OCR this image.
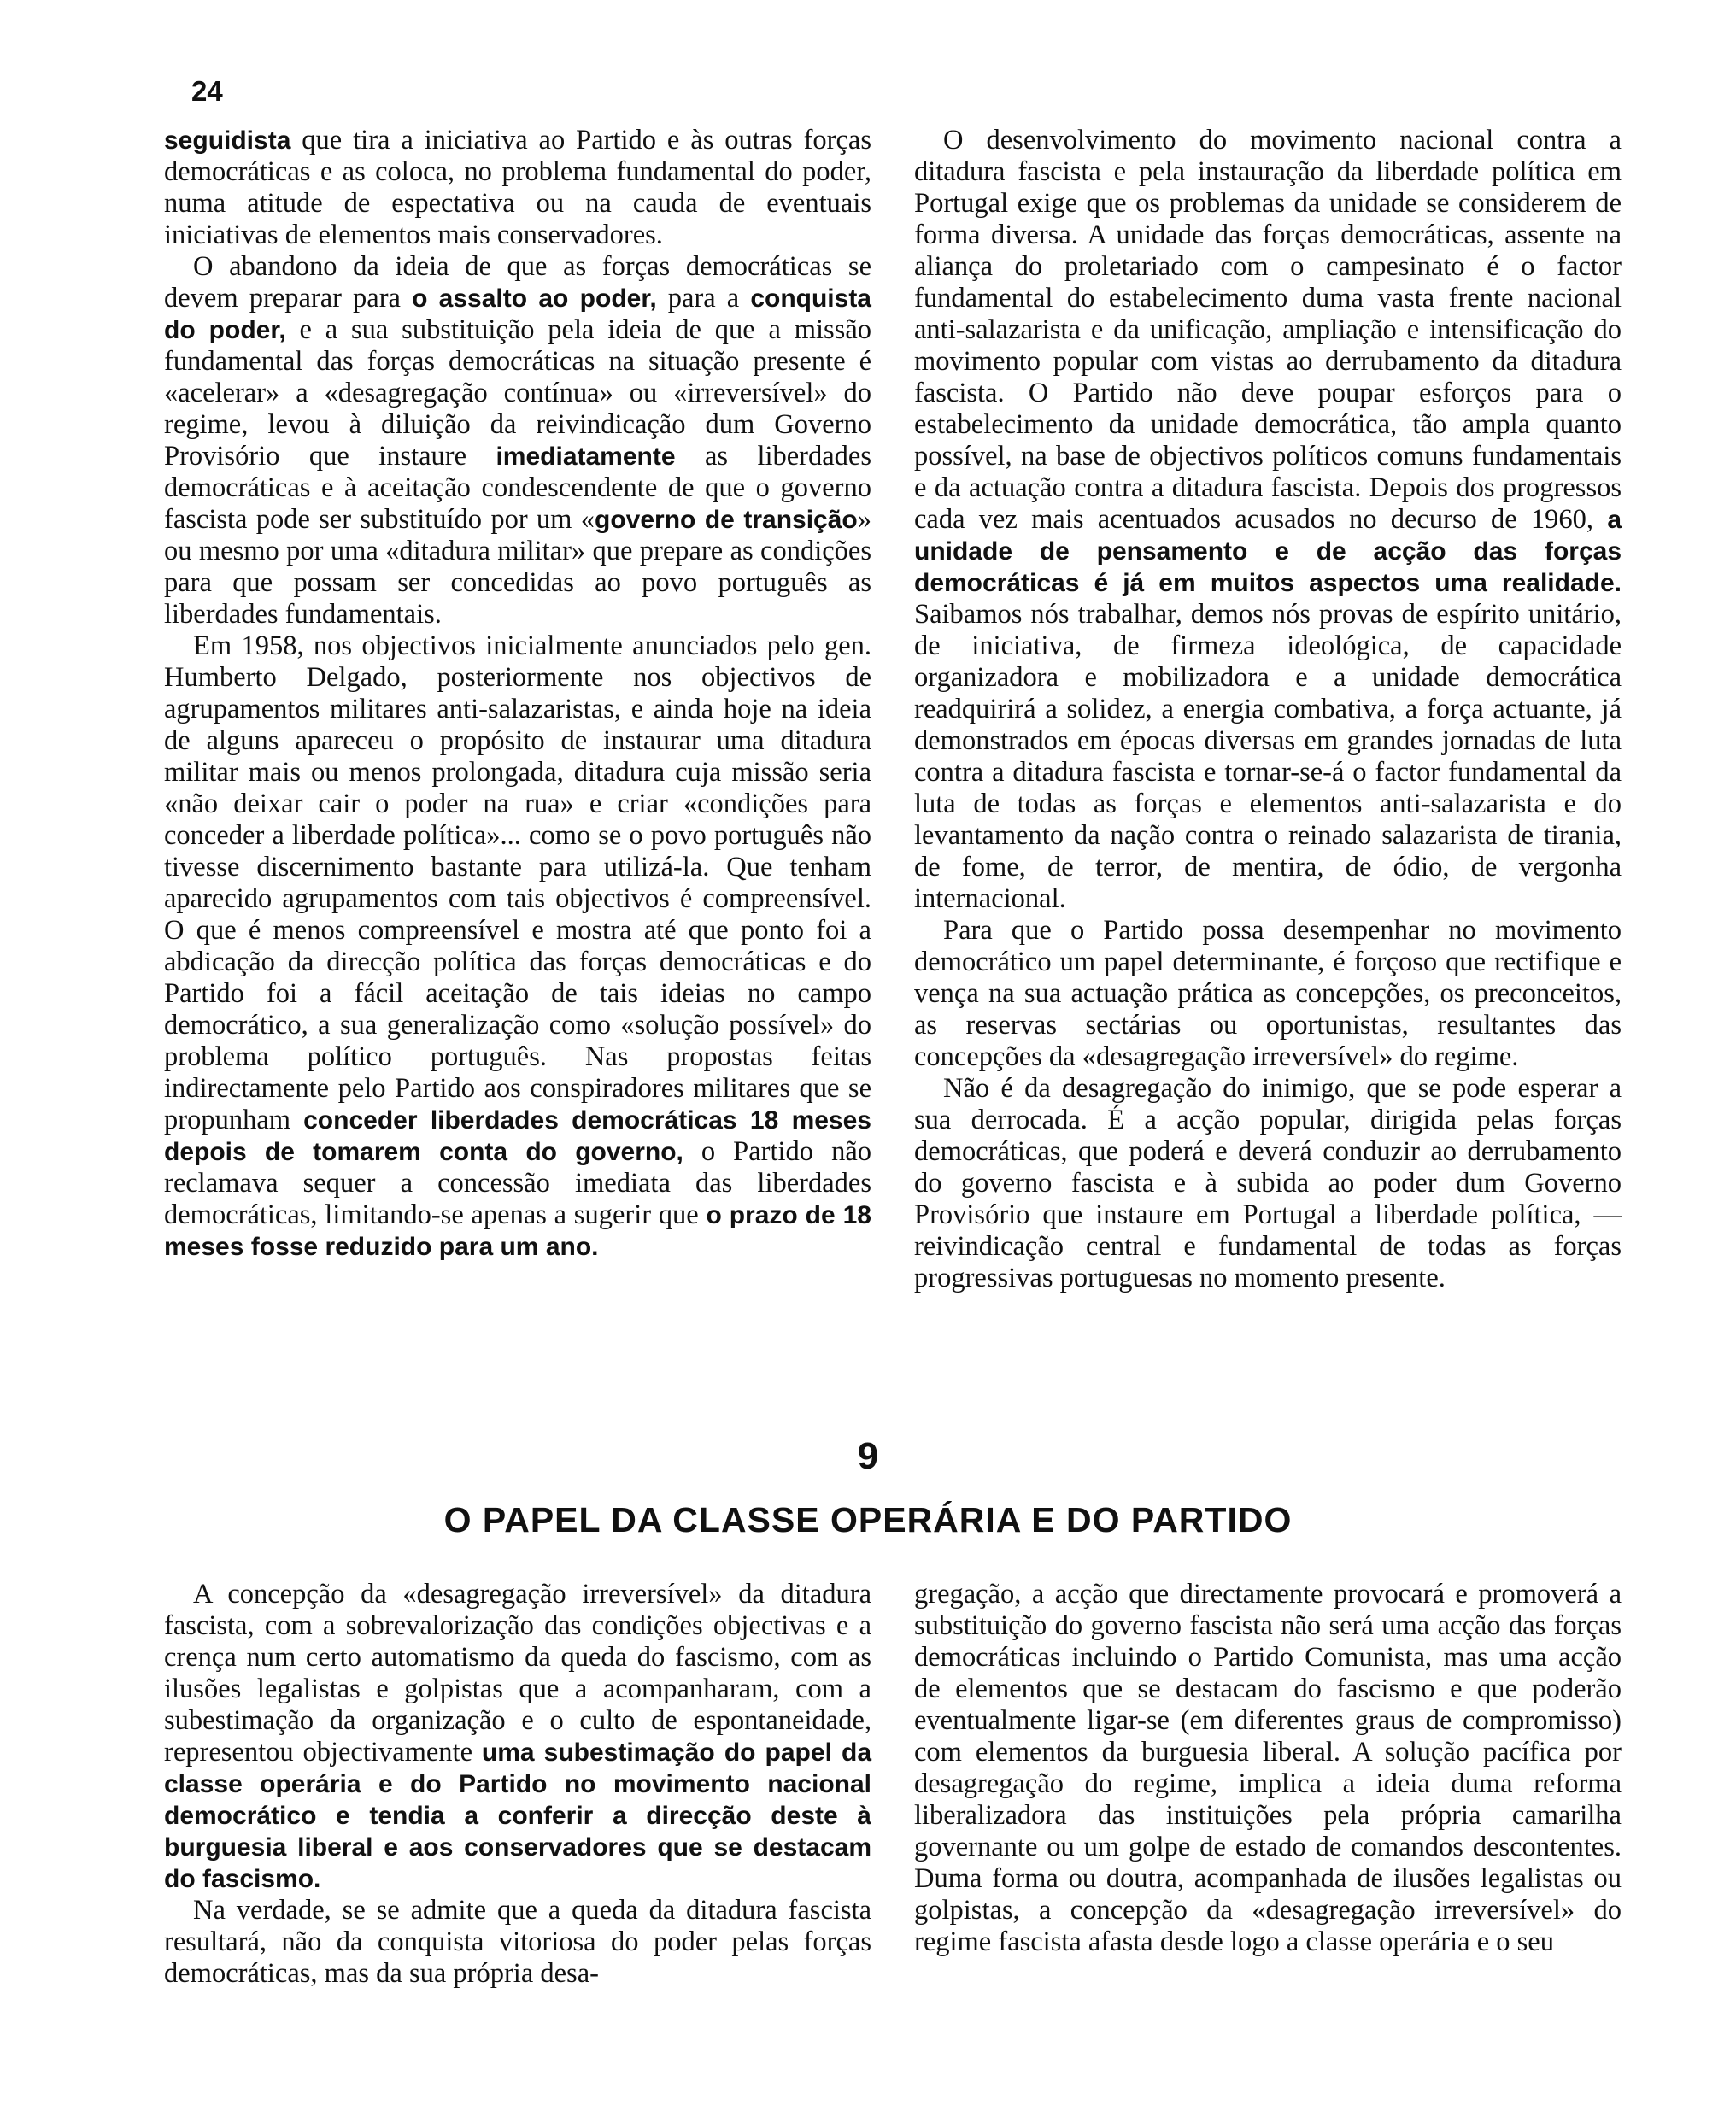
24

seguidista que tira a iniciativa ao Partido e às outras forças democráticas e as coloca, no problema fundamental do poder, numa atitude de espectativa ou na cauda de eventuais iniciativas de elementos mais conservadores.

O abandono da ideia de que as forças democráticas se devem preparar para o assalto ao poder, para a conquista do poder, e a sua substituição pela ideia de que a missão fundamental das forças democráticas na situação presente é «acelerar» a «desagregação contínua» ou «irreversível» do regime, levou à diluição da reivindicação dum Governo Provisório que instaure imediatamente as liberdades democráticas e à aceitação condescendente de que o governo fascista pode ser substituído por um «governo de transição» ou mesmo por uma «ditadura militar» que prepare as condições para que possam ser concedidas ao povo português as liberdades fundamentais.

Em 1958, nos objectivos inicialmente anunciados pelo gen. Humberto Delgado, posteriormente nos objectivos de agrupamentos militares anti-salazaristas, e ainda hoje na ideia de alguns apareceu o propósito de instaurar uma ditadura militar mais ou menos prolongada, ditadura cuja missão seria «não deixar cair o poder na rua» e criar «condições para conceder a liberdade política»... como se o povo português não tivesse discernimento bastante para utilizá-la. Que tenham aparecido agrupamentos com tais objectivos é compreensível. O que é menos compreensível e mostra até que ponto foi a abdicação da direcção política das forças democráticas e do Partido foi a fácil aceitação de tais ideias no campo democrático, a sua generalização como «solução possível» do problema político português. Nas propostas feitas indirectamente pelo Partido aos conspiradores militares que se propunham conceder liberdades democráticas 18 meses depois de tomarem conta do governo, o Partido não reclamava sequer a concessão imediata das liberdades democráticas, limitando-se apenas a sugerir que o prazo de 18 meses fosse reduzido para um ano.

O desenvolvimento do movimento nacional contra a ditadura fascista e pela instauração da liberdade política em Portugal exige que os problemas da unidade se considerem de forma diversa. A unidade das forças democráticas, assente na aliança do proletariado com o campesinato é o factor fundamental do estabelecimento duma vasta frente nacional anti-salazarista e da unificação, ampliação e intensificação do movimento popular com vistas ao derrubamento da ditadura fascista. O Partido não deve poupar esforços para o estabelecimento da unidade democrática, tão ampla quanto possível, na base de objectivos políticos comuns fundamentais e da actuação contra a ditadura fascista. Depois dos progressos cada vez mais acentuados acusados no decurso de 1960, a unidade de pensamento e de acção das forças democráticas é já em muitos aspectos uma realidade. Saibamos nós trabalhar, demos nós provas de espírito unitário, de iniciativa, de firmeza ideológica, de capacidade organizadora e mobilizadora e a unidade democrática readquirirá a solidez, a energia combativa, a força actuante, já demonstrados em épocas diversas em grandes jornadas de luta contra a ditadura fascista e tornar-se-á o factor fundamental da luta de todas as forças e elementos anti-salazarista e do levantamento da nação contra o reinado salazarista de tirania, de fome, de terror, de mentira, de ódio, de vergonha internacional.

Para que o Partido possa desempenhar no movimento democrático um papel determinante, é forçoso que rectifique e vença na sua actuação prática as concepções, os preconceitos, as reservas sectárias ou oportunistas, resultantes das concepções da «desagregação irreversível» do regime.

Não é da desagregação do inimigo, que se pode esperar a sua derrocada. É a acção popular, dirigida pelas forças democráticas, que poderá e deverá conduzir ao derrubamento do governo fascista e à subida ao poder dum Governo Provisório que instaure em Portugal a liberdade política, — reivindicação central e fundamental de todas as forças progressivas portuguesas no momento presente.

9
O PAPEL DA CLASSE OPERÁRIA E DO PARTIDO

A concepção da «desagregação irreversível» da ditadura fascista, com a sobrevalorização das condições objectivas e a crença num certo automatismo da queda do fascismo, com as ilusões legalistas e golpistas que a acompanharam, com a subestimação da organização e o culto de espontaneidade, representou objectivamente uma subestimação do papel da classe operária e do Partido no movimento nacional democrático e tendia a conferir a direcção deste à burguesia liberal e aos conservadores que se destacam do fascismo.

Na verdade, se se admite que a queda da ditadura fascista resultará, não da conquista vitoriosa do poder pelas forças democráticas, mas da sua própria desa-

gregação, a acção que directamente provocará e promoverá a substituição do governo fascista não será uma acção das forças democráticas incluindo o Partido Comunista, mas uma acção de elementos que se destacam do fascismo e que poderão eventualmente ligar-se (em diferentes graus de compromisso) com elementos da burguesia liberal. A solução pacífica por desagregação do regime, implica a ideia duma reforma liberalizadora das instituições pela própria camarilha governante ou um golpe de estado de comandos descontentes. Duma forma ou doutra, acompanhada de ilusões legalistas ou golpistas, a concepção da «desagregação irreversível» do regime fascista afasta desde logo a classe operária e o seu
